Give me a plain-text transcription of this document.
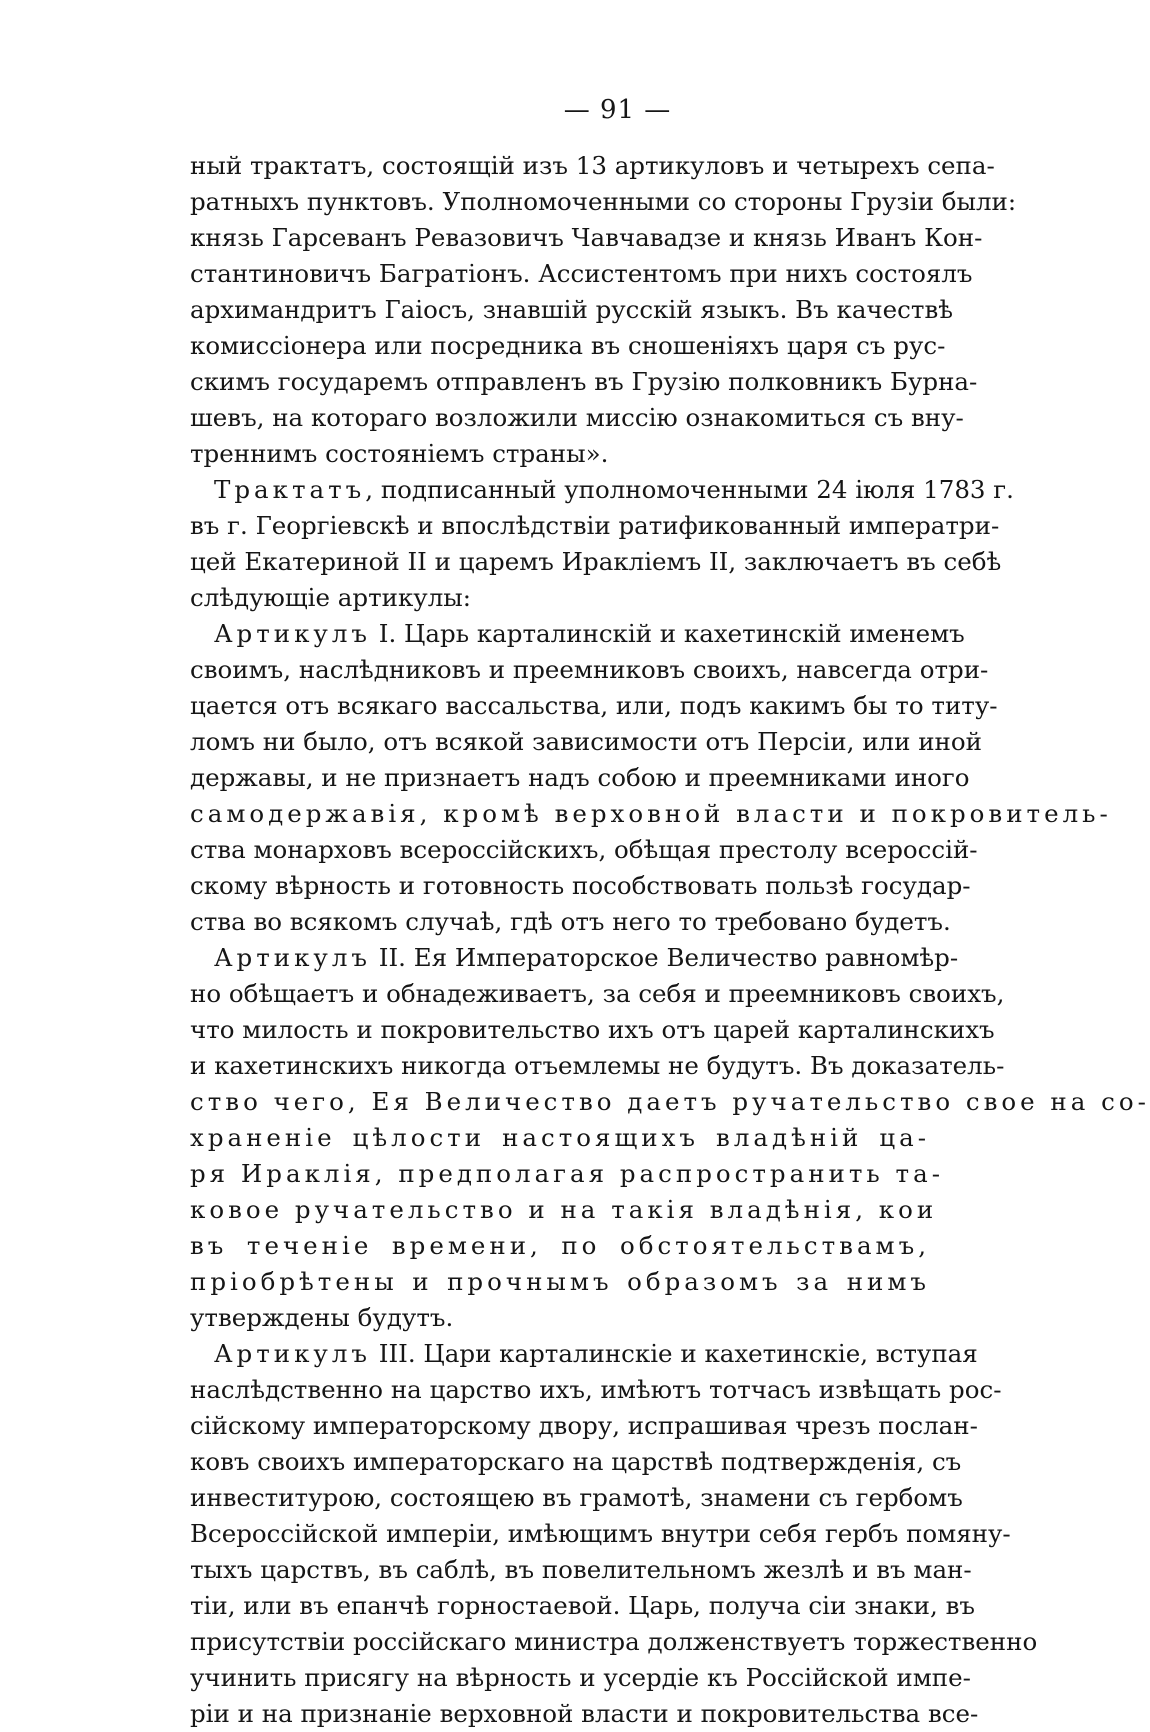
— 91 —
ный трактатъ, состоящій изъ 13 артикуловъ и четырехъ сепа-
ратныхъ пунктовъ. Уполномоченными со стороны Грузіи были:
князь Гарсеванъ Ревазовичъ Чавчавадзе и князь Иванъ Кон-
стантиновичъ Багратіонъ. Ассистентомъ при нихъ состоялъ
архимандритъ Гаіосъ, знавшій русскій языкъ. Въ качествѣ
комиссіонера или посредника въ сношеніяхъ царя съ рус-
скимъ государемъ отправленъ въ Грузію полковникъ Бурна-
шевъ, на котораго возложили миссію ознакомиться съ вну-
треннимъ состояніемъ страны».
Трактатъ, подписанный уполномоченными 24 іюля 1783 г.
въ г. Георгіевскѣ и впослѣдствіи ратификованный императри-
цей Екатериной II и царемъ Иракліемъ II, заключаетъ въ себѣ
слѣдующіе артикулы:
Артикулъ I. Царь карталинскій и кахетинскій именемъ
своимъ, наслѣдниковъ и преемниковъ своихъ, навсегда отри-
цается отъ всякаго вассальства, или, подъ какимъ бы то титу-
ломъ ни было, отъ всякой зависимости отъ Персіи, или иной
державы, и не признаетъ надъ собою и преемниками иного
самодержавія, кромѣ верховной власти и покровитель-
ства монарховъ всероссійскихъ, обѣщая престолу всероссій-
скому вѣрность и готовность пособствовать пользѣ государ-
ства во всякомъ случаѣ, гдѣ отъ него то требовано будетъ.
Артикулъ II. Ея Императорское Величество равномѣр-
но обѣщаетъ и обнадеживаетъ, за себя и преемниковъ своихъ,
что милость и покровительство ихъ отъ царей карталинскихъ
и кахетинскихъ никогда отъемлемы не будутъ. Въ доказатель-
ство чего, Ея Величество даетъ ручательство свое на со-
храненіе цѣлости настоящихъ владѣній ца-
ря Ираклія, предполагая распространить та-
ковое ручательство и на такія владѣнія, кои
въ теченіе времени, по обстоятельствамъ,
пріобрѣтены и прочнымъ образомъ за нимъ
утверждены будутъ.
Артикулъ III. Цари карталинскіе и кахетинскіе, вступая
наслѣдственно на царство ихъ, имѣютъ тотчасъ извѣщать рос-
сійскому императорскому двору, испрашивая чрезъ послан-
ковъ своихъ императорскаго на царствѣ подтвержденія, съ
инвеститурою, состоящею въ грамотѣ, знамени съ гербомъ
Всероссійской имперіи, имѣющимъ внутри себя гербъ помяну-
тыхъ царствъ, въ саблѣ, въ повелительномъ жезлѣ и въ ман-
тіи, или въ епанчѣ горностаевой. Царь, получа сіи знаки, въ
присутствіи россійскаго министра долженствуетъ торжественно
учинить присягу на вѣрность и усердіе къ Россійской импе-
ріи и на признаніе верховной власти и покровительства все-
